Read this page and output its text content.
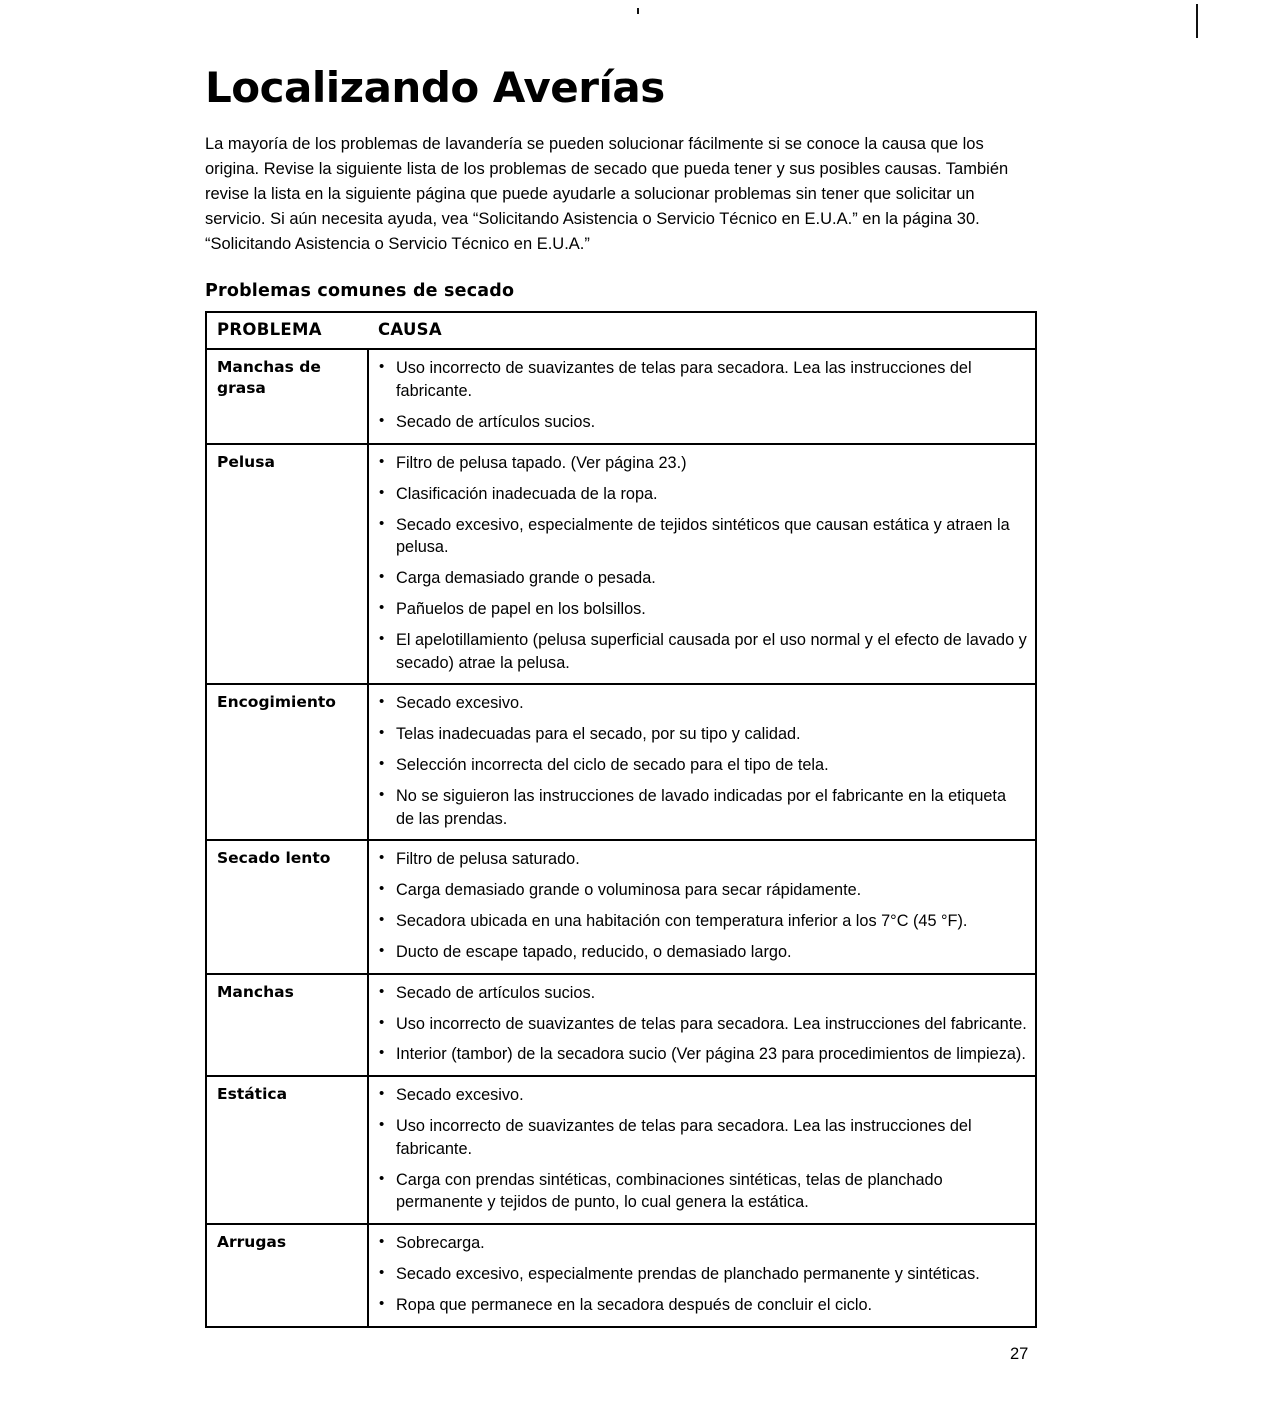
Localizando Averías

La mayoría de los problemas de lavandería se pueden solucionar fácilmente si se conoce la causa que los origina. Revise la siguiente lista de los problemas de secado que pueda tener y sus posibles causas. También revise la lista en la siguiente página que puede ayudarle a solucionar problemas sin tener que solicitar un servicio. Si aún necesita ayuda, vea “Solicitando Asistencia o Servicio Técnico en E.U.A.” en la página 30. “Solicitando Asistencia o Servicio Técnico en E.U.A.”

Problemas comunes de secado
PROBLEMA	CAUSA
Manchas de grasa	
• Uso incorrecto de suavizantes de telas para secadora. Lea las instrucciones del fabricante.
• Secado de artículos sucios.

Pelusa	
•Filtro de pelusa tapado. (Ver página 23.)
• Clasificación inadecuada de la ropa.
• Secado excesivo, especialmente de tejidos sintéticos que causan estática y atraen la pelusa.
• Carga demasiado grande o pesada.
• Pañuelos de papel en los bolsillos.
• El apelotillamiento (pelusa superficial causada por el uso normal y el efecto de lavado y secado) atrae la pelusa.

Encogimiento	
•Secado excesivo.
• Telas inadecuadas para el secado, por su tipo y calidad.
• Selección incorrecta del ciclo de secado para el tipo de tela.
• No se siguieron las instrucciones de lavado indicadas por el fabricante en la etiqueta de las prendas.

Secado lento	
•Filtro de pelusa saturado.
• Carga demasiado grande o voluminosa para secar rápidamente.
• Secadora ubicada en una habitación con temperatura inferior a los 7°C (45 °F).
• Ducto de escape tapado, reducido, o demasiado largo.

Manchas	
•Secado de artículos sucios.
• Uso incorrecto de suavizantes de telas para secadora. Lea instrucciones del fabricante.
• Interior (tambor) de la secadora sucio (Ver página 23 para procedimientos de limpieza).

Estática	
•Secado excesivo.
• Uso incorrecto de suavizantes de telas para secadora. Lea las instrucciones del fabricante.
• Carga con prendas sintéticas, combinaciones sintéticas, telas de planchado permanente y tejidos de punto, lo cual genera la estática.

Arrugas	
•Sobrecarga.
• Secado excesivo, especialmente prendas de planchado permanente y sintéticas.
• Ropa que permanece en la secadora después de concluir el ciclo.
27
